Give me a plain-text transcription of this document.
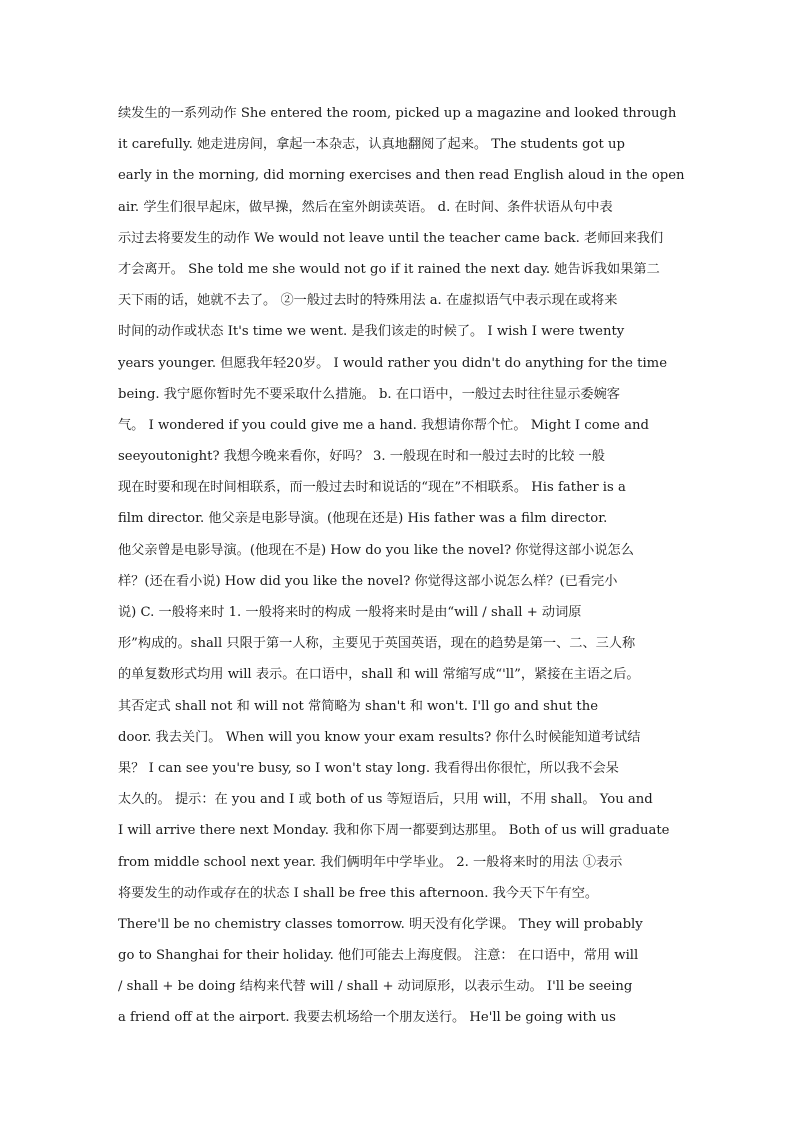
续发生的一系列动作 She entered the room, picked up a magazine and looked through
it carefully. 她走进房间，拿起一本杂志，认真地翻阅了起来。 The students got up
early in the morning, did morning exercises and then read English aloud in the open
air. 学生们很早起床，做早操，然后在室外朗读英语。 d. 在时间、条件状语从句中表
示过去将要发生的动作 We would not leave until the teacher came back. 老师回来我们
才会离开。 She told me she would not go if it rained the next day. 她告诉我如果第二
天下雨的话，她就不去了。 ②一般过去时的特殊用法 a. 在虚拟语气中表示现在或将来
时间的动作或状态 It's time we went. 是我们该走的时候了。 I wish I were twenty
years younger. 但愿我年轻20岁。 I would rather you didn't do anything for the time
being. 我宁愿你暂时先不要采取什么措施。 b. 在口语中，一般过去时往往显示委婉客
气。 I wondered if you could give me a hand. 我想请你帮个忙。 Might I come and
seeyoutonight? 我想今晚来看你，好吗？ 3. 一般现在时和一般过去时的比较 一般
现在时要和现在时间相联系，而一般过去时和说话的“现在”不相联系。 His father is a
film director. 他父亲是电影导演。(他现在还是) His father was a film director.
他父亲曾是电影导演。(他现在不是) How do you like the novel? 你觉得这部小说怎么
样？(还在看小说) How did you like the novel? 你觉得这部小说怎么样？(已看完小
说) C. 一般将来时 1. 一般将来时的构成 一般将来时是由“will / shall + 动词原
形”构成的。shall 只限于第一人称，主要见于英国英语，现在的趋势是第一、二、三人称
的单复数形式均用 will 表示。在口语中，shall 和 will 常缩写成“'ll”，紧接在主语之后。
其否定式 shall not 和 will not 常简略为 shan't 和 won't. I'll go and shut the
door. 我去关门。 When will you know your exam results? 你什么时候能知道考试结
果？ I can see you're busy, so I won't stay long. 我看得出你很忙，所以我不会呆
太久的。 提示：在 you and I 或 both of us 等短语后，只用 will，不用 shall。 You and
I will arrive there next Monday. 我和你下周一都要到达那里。 Both of us will graduate
from middle school next year. 我们俩明年中学毕业。 2. 一般将来时的用法 ①表示
将要发生的动作或存在的状态 I shall be free this afternoon. 我今天下午有空。
There'll be no chemistry classes tomorrow. 明天没有化学课。 They will probably
go to Shanghai for their holiday. 他们可能去上海度假。 注意： 在口语中，常用 will
/ shall + be doing 结构来代替 will / shall + 动词原形，以表示生动。 I'll be seeing
a friend off at the airport. 我要去机场给一个朋友送行。 He'll be going with us
